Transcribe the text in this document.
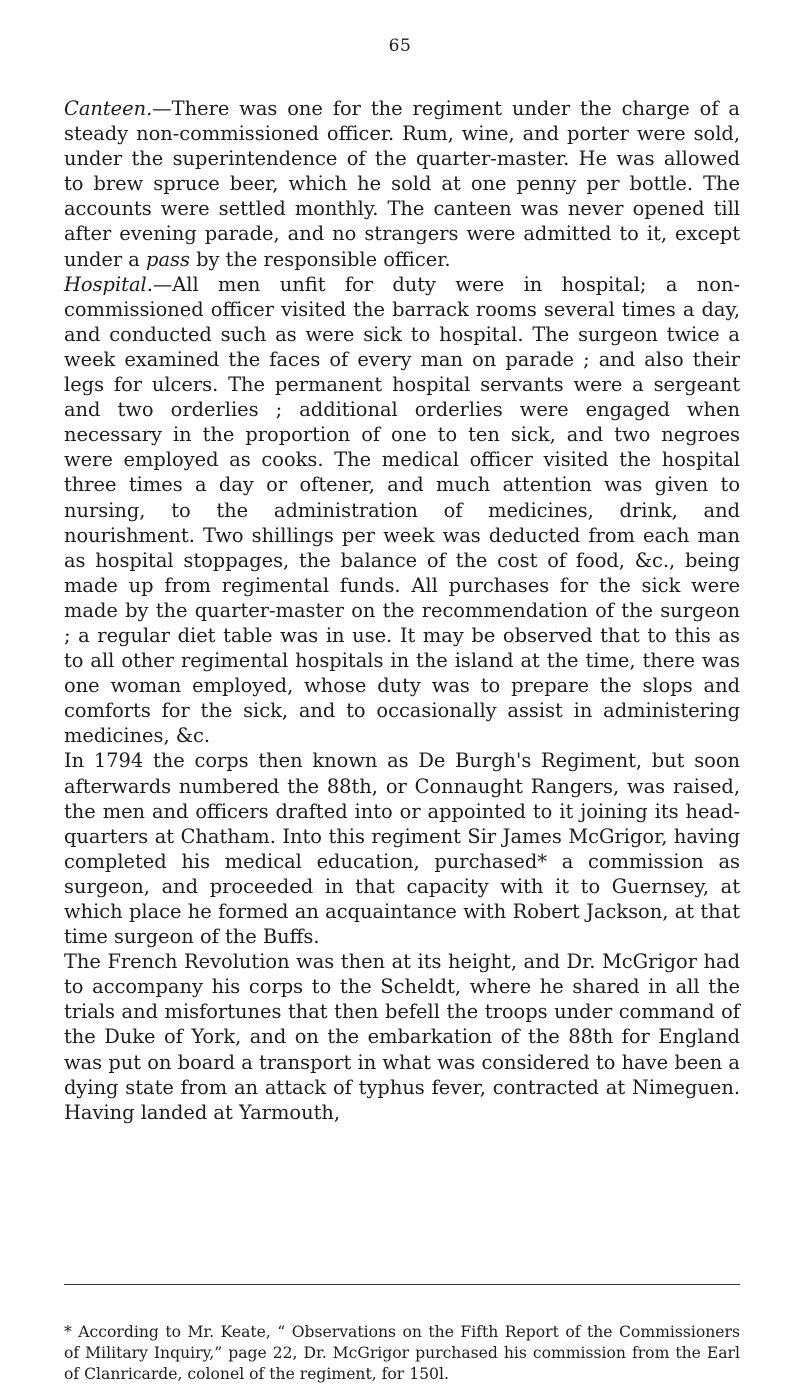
65

Canteen.—There was one for the regiment under the charge of a steady non-commissioned officer. Rum, wine, and porter were sold, under the superintendence of the quarter-master. He was allowed to brew spruce beer, which he sold at one penny per bottle. The accounts were settled monthly. The canteen was never opened till after evening parade, and no strangers were admitted to it, except under a pass by the responsible officer.

Hospital.—All men unfit for duty were in hospital; a non-commissioned officer visited the barrack rooms several times a day, and conducted such as were sick to hospital. The surgeon twice a week examined the faces of every man on parade ; and also their legs for ulcers. The permanent hospital servants were a sergeant and two orderlies ; additional orderlies were engaged when necessary in the proportion of one to ten sick, and two negroes were employed as cooks. The medical officer visited the hospital three times a day or oftener, and much attention was given to nursing, to the administration of medicines, drink, and nourishment. Two shillings per week was deducted from each man as hospital stoppages, the balance of the cost of food, &c., being made up from regimental funds. All purchases for the sick were made by the quarter-master on the recommendation of the surgeon ; a regular diet table was in use. It may be observed that to this as to all other regimental hospitals in the island at the time, there was one woman employed, whose duty was to prepare the slops and comforts for the sick, and to occasionally assist in administering medicines, &c.

In 1794 the corps then known as De Burgh's Regiment, but soon afterwards numbered the 88th, or Connaught Rangers, was raised, the men and officers drafted into or appointed to it joining its head-quarters at Chatham. Into this regiment Sir James McGrigor, having completed his medical education, purchased* a commission as surgeon, and proceeded in that capacity with it to Guernsey, at which place he formed an acquaintance with Robert Jackson, at that time surgeon of the Buffs.

The French Revolution was then at its height, and Dr. McGrigor had to accompany his corps to the Scheldt, where he shared in all the trials and misfortunes that then befell the troops under command of the Duke of York, and on the embarkation of the 88th for England was put on board a transport in what was considered to have been a dying state from an attack of typhus fever, contracted at Nimeguen. Having landed at Yarmouth,

* According to Mr. Keate, “ Observations on the Fifth Report of the Commissioners of Military Inquiry,” page 22, Dr. McGrigor purchased his commission from the Earl of Clanricarde, colonel of the regiment, for 150l.
